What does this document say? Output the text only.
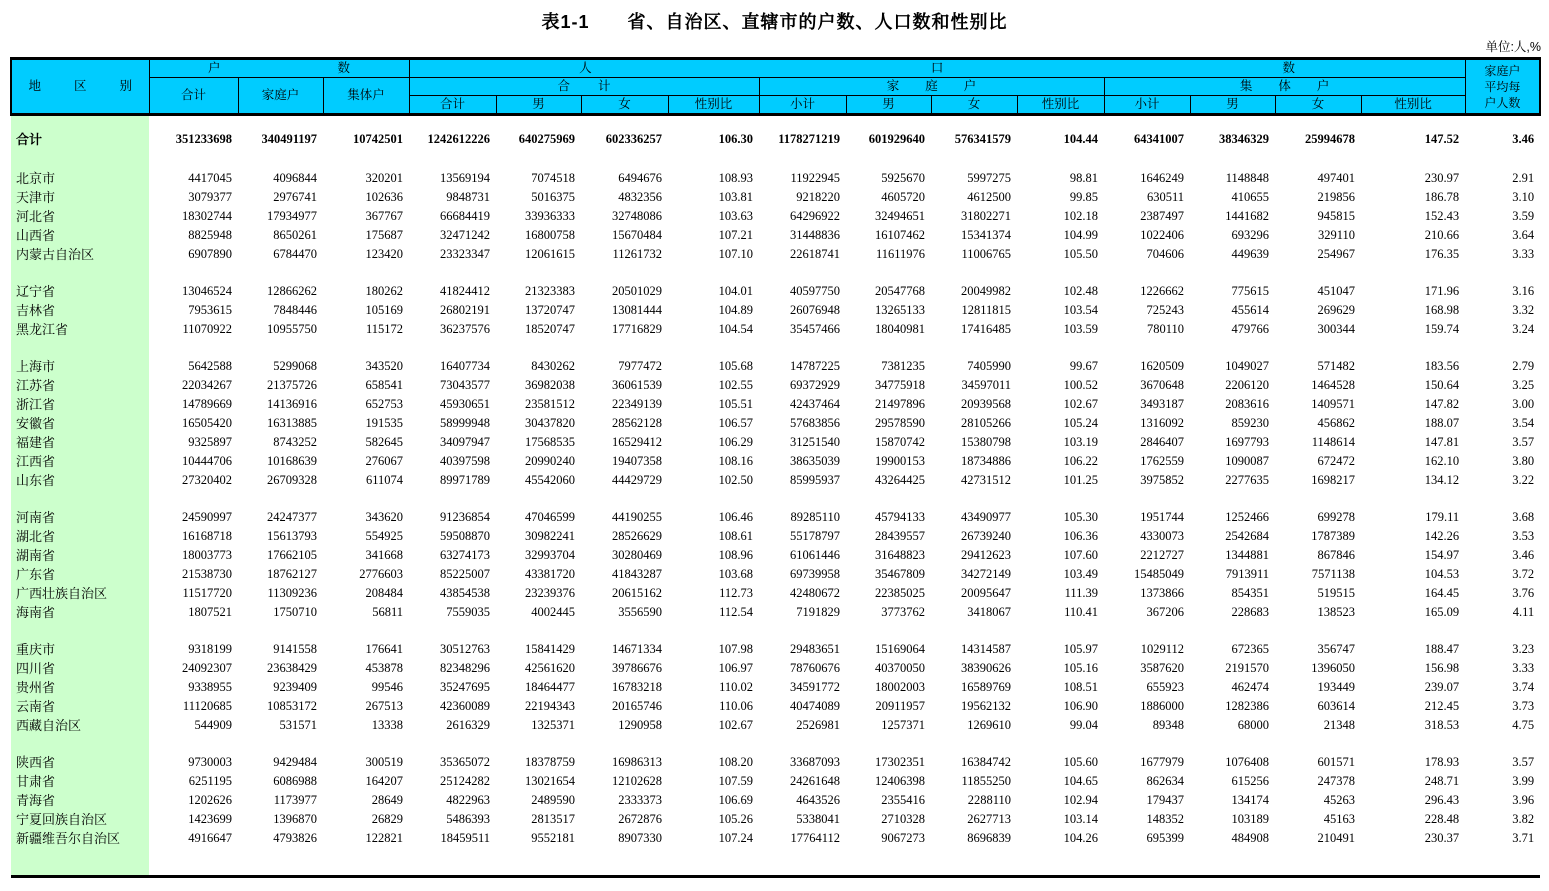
表1-1 省、自治区、直辖市的户数、人口数和性别比
单位:人,%
地	区	别

户	数	人	口	数	家庭户
平均每
户人数

	合计	家庭户	集体户	合计				家庭户				集体户				
				合计	男	女	性别比	小计	男	女	性别比	小计	男	女	性别比	

合计	351233698	340491197	10742501	1242612226	640275969	602336257	106.30	1178271219	601929640	576341579	104.44	64341007	38346329	25994678	147.52	3.46

北京市	4417045	4096844	320201	13569194	7074518	6494676	108.93	11922945	5925670	5997275	98.81	1646249	1148848	497401	230.97	2.91
天津市	3079377	2976741	102636	9848731	5016375	4832356	103.81	9218220	4605720	4612500	99.85	630511	410655	219856	186.78	3.10
河北省	18302744	17934977	367767	66684419	33936333	32748086	103.63	64296922	32494651	31802271	102.18	2387497	1441682	945815	152.43	3.59
山西省	8825948	8650261	175687	32471242	16800758	15670484	107.21	31448836	16107462	15341374	104.99	1022406	693296	329110	210.66	3.64
内蒙古自治区	6907890	6784470	123420	23323347	12061615	11261732	107.10	22618741	11611976	11006765	105.50	704606	449639	254967	176.35	3.33

辽宁省	13046524	12866262	180262	41824412	21323383	20501029	104.01	40597750	20547768	20049982	102.48	1226662	775615	451047	171.96	3.16
吉林省	7953615	7848446	105169	26802191	13720747	13081444	104.89	26076948	13265133	12811815	103.54	725243	455614	269629	168.98	3.32
黑龙江省	11070922	10955750	115172	36237576	18520747	17716829	104.54	35457466	18040981	17416485	103.59	780110	479766	300344	159.74	3.24

上海市	5642588	5299068	343520	16407734	8430262	7977472	105.68	14787225	7381235	7405990	99.67	1620509	1049027	571482	183.56	2.79
江苏省	22034267	21375726	658541	73043577	36982038	36061539	102.55	69372929	34775918	34597011	100.52	3670648	2206120	1464528	150.64	3.25
浙江省	14789669	14136916	652753	45930651	23581512	22349139	105.51	42437464	21497896	20939568	102.67	3493187	2083616	1409571	147.82	3.00
安徽省	16505420	16313885	191535	58999948	30437820	28562128	106.57	57683856	29578590	28105266	105.24	1316092	859230	456862	188.07	3.54
福建省	9325897	8743252	582645	34097947	17568535	16529412	106.29	31251540	15870742	15380798	103.19	2846407	1697793	1148614	147.81	3.57
江西省	10444706	10168639	276067	40397598	20990240	19407358	108.16	38635039	19900153	18734886	106.22	1762559	1090087	672472	162.10	3.80
山东省	27320402	26709328	611074	89971789	45542060	44429729	102.50	85995937	43264425	42731512	101.25	3975852	2277635	1698217	134.12	3.22

河南省	24590997	24247377	343620	91236854	47046599	44190255	106.46	89285110	45794133	43490977	105.30	1951744	1252466	699278	179.11	3.68
湖北省	16168718	15613793	554925	59508870	30982241	28526629	108.61	55178797	28439557	26739240	106.36	4330073	2542684	1787389	142.26	3.53
湖南省	18003773	17662105	341668	63274173	32993704	30280469	108.96	61061446	31648823	29412623	107.60	2212727	1344881	867846	154.97	3.46
广东省	21538730	18762127	2776603	85225007	43381720	41843287	103.68	69739958	35467809	34272149	103.49	15485049	7913911	7571138	104.53	3.72
广西壮族自治区	11517720	11309236	208484	43854538	23239376	20615162	112.73	42480672	22385025	20095647	111.39	1373866	854351	519515	164.45	3.76
海南省	1807521	1750710	56811	7559035	4002445	3556590	112.54	7191829	3773762	3418067	110.41	367206	228683	138523	165.09	4.11

重庆市	9318199	9141558	176641	30512763	15841429	14671334	107.98	29483651	15169064	14314587	105.97	1029112	672365	356747	188.47	3.23
四川省	24092307	23638429	453878	82348296	42561620	39786676	106.97	78760676	40370050	38390626	105.16	3587620	2191570	1396050	156.98	3.33
贵州省	9338955	9239409	99546	35247695	18464477	16783218	110.02	34591772	18002003	16589769	108.51	655923	462474	193449	239.07	3.74
云南省	11120685	10853172	267513	42360089	22194343	20165746	110.06	40474089	20911957	19562132	106.90	1886000	1282386	603614	212.45	3.73
西藏自治区	544909	531571	13338	2616329	1325371	1290958	102.67	2526981	1257371	1269610	99.04	89348	68000	21348	318.53	4.75

陕西省	9730003	9429484	300519	35365072	18378759	16986313	108.20	33687093	17302351	16384742	105.60	1677979	1076408	601571	178.93	3.57
甘肃省	6251195	6086988	164207	25124282	13021654	12102628	107.59	24261648	12406398	11855250	104.65	862634	615256	247378	248.71	3.99
青海省	1202626	1173977	28649	4822963	2489590	2333373	106.69	4643526	2355416	2288110	102.94	179437	134174	45263	296.43	3.96
宁夏回族自治区	1423699	1396870	26829	5486393	2813517	2672876	105.26	5338041	2710328	2627713	103.14	148352	103189	45163	228.48	3.82
新疆维吾尔自治区	4916647	4793826	122821	18459511	9552181	8907330	107.24	17764112	9067273	8696839	104.26	695399	484908	210491	230.37	3.71
